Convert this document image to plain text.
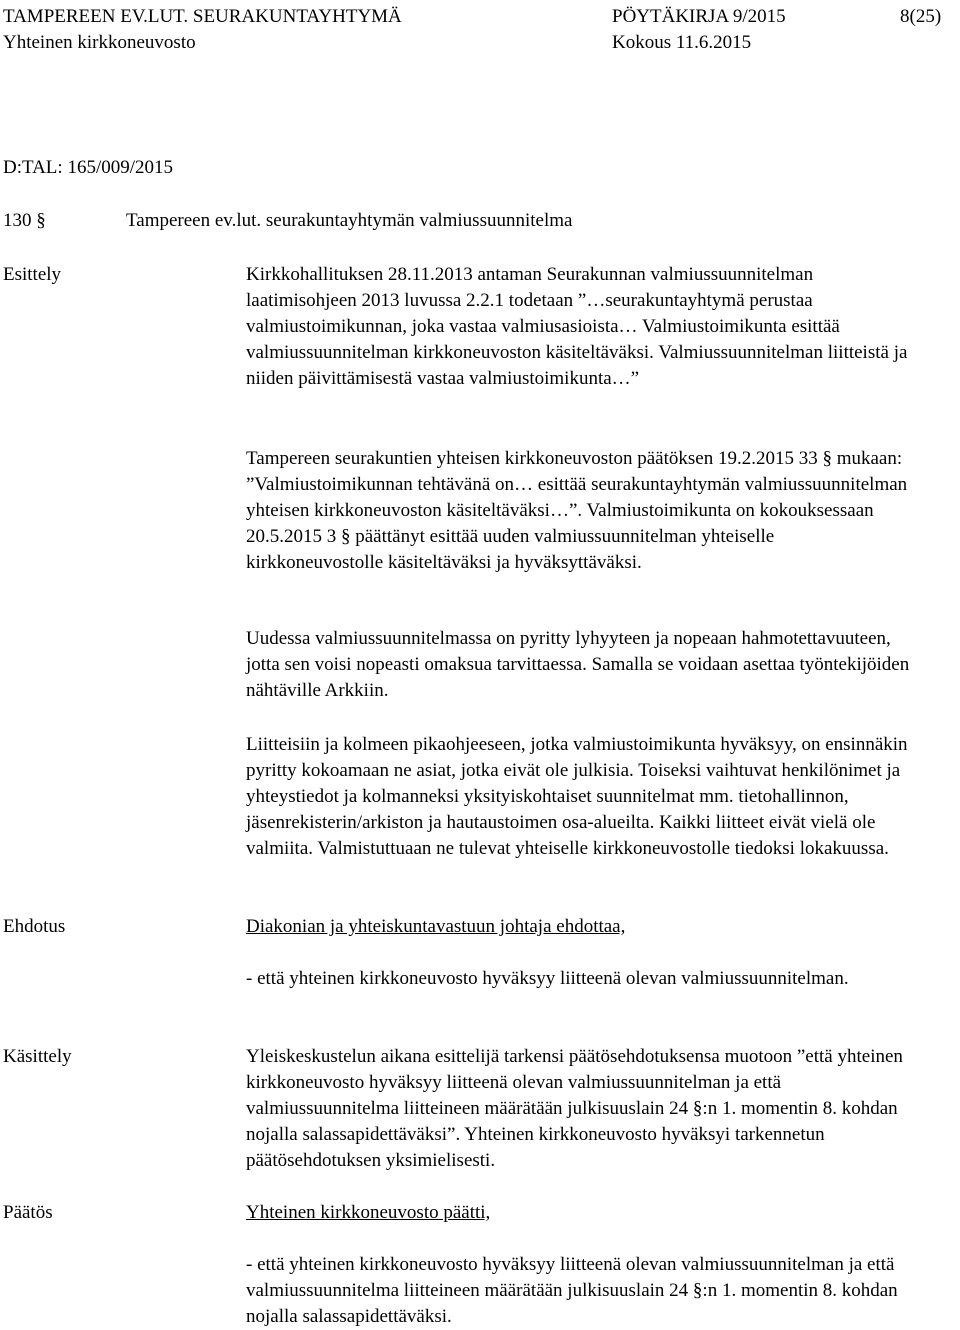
TAMPEREEN EV.LUT. SEURAKUNTAYHTYMÄ	PÖYTÄKIRJA 9/2015	8(25)
Yhteinen kirkkoneuvosto	Kokous 11.6.2015
D:TAL: 165/009/2015
130 §	Tampereen ev.lut. seurakuntayhtymän valmiussuunnitelma
Esittely	Kirkkohallituksen 28.11.2013 antaman Seurakunnan valmiussuunnitelman laatimisohjeen 2013 luvussa 2.2.1 todetaan ”…seurakuntayhtymä perustaa valmiustoimikunnan, joka vastaa valmiusasioista… Valmiustoimikunta esittää valmiussuunnitelman kirkkoneuvoston käsiteltäväksi. Valmiussuunnitelman liitteistä ja niiden päivittämisestä vastaa valmiustoimikunta…”

Tampereen seurakuntien yhteisen kirkkoneuvoston päätöksen 19.2.2015 33 § mukaan: ”Valmiustoimikunnan tehtävänä on… esittää seurakuntayhtymän valmiussuunnitelman yhteisen kirkkoneuvoston käsiteltäväksi…”. Valmiustoimikunta on kokouksessaan 20.5.2015 3 § päättänyt esittää uuden valmiussuunnitelman yhteiselle kirkkoneuvostolle käsiteltäväksi ja hyväksyttäväksi.

Uudessa valmiussuunnitelmassa on pyritty lyhyyteen ja nopeaan hahmotettavuuteen, jotta sen voisi nopeasti omaksua tarvittaessa. Samalla se voidaan asettaa työntekijöiden nähtäville Arkkiin.

Liitteisiin ja kolmeen pikaohjeeseen, jotka valmiustoimikunta hyväksyy, on ensinnäkin pyritty kokoamaan ne asiat, jotka eivät ole julkisia. Toiseksi vaihtuvat henkilönimet ja yhteystiedot ja kolmanneksi yksityiskohtaiset suunnitelmat mm. tietohallinnon, jäsenrekisterin/arkiston ja hautaustoimen osa-alueilta. Kaikki liitteet eivät vielä ole valmiita. Valmistuttuaan ne tulevat yhteiselle kirkkoneuvostolle tiedoksi lokakuussa.

Ehdotus	Diakonian ja yhteiskuntavastuun johtaja ehdottaa,

- että yhteinen kirkkoneuvosto hyväksyy liitteenä olevan valmiussuunnitelman.

Käsittely	Yleiskeskustelun aikana esittelijä tarkensi päätösehdotuksensa muotoon ”että yhteinen kirkkoneuvosto hyväksyy liitteenä olevan valmiussuunnitelman ja että valmiussuunnitelma liitteineen määrätään julkisuuslain 24 §:n 1. momentin 8. kohdan nojalla salassapidettäväksi”. Yhteinen kirkkoneuvosto hyväksyi tarkennetun päätösehdotuksen yksimielisesti.

Päätös	Yhteinen kirkkoneuvosto päätti,

- että yhteinen kirkkoneuvosto hyväksyy liitteenä olevan valmiussuunnitelman ja että valmiussuunnitelma liitteineen määrätään julkisuuslain 24 §:n 1. momentin 8. kohdan nojalla salassapidettäväksi.
